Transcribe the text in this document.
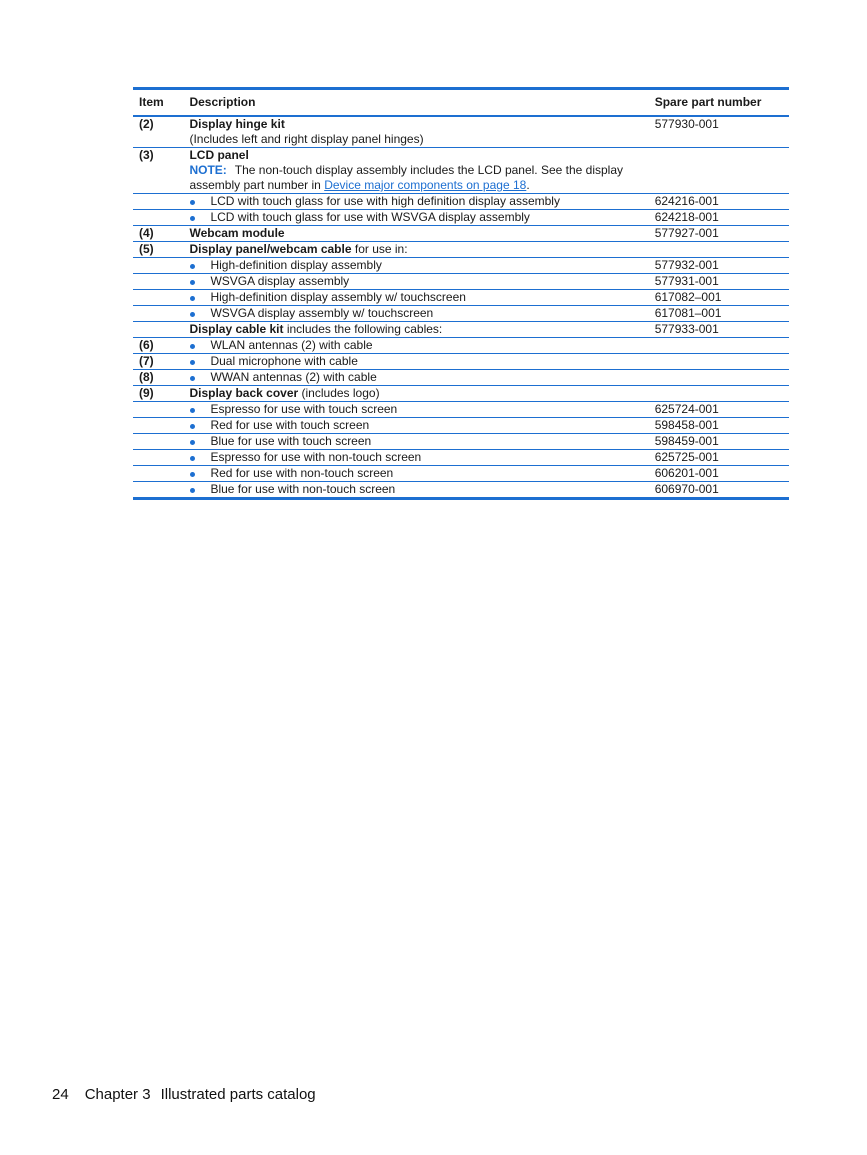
Item	Description	Spare part number
(2)	Display hinge kit	577930-001
	(Includes left and right display panel hinges)	
(3)	LCD panel	
	NOTE: The non-touch display assembly includes the LCD panel. See the display assembly part number in Device major components on page 18.	

	LCD with touch glass for use with high definition display assembly	624216-001

	LCD with touch glass for use with WSVGA display assembly	624218-001
(4)	Webcam module	577927-001
(5)	Display panel/webcam cable for use in:	

	High-definition display assembly	577932-001

	WSVGA display assembly	577931-001

	High-definition display assembly w/ touchscreen	617082–001

	WSVGA display assembly w/ touchscreen	617081–001
	Display cable kit includes the following cables:	577933-001
(6)	WLAN antennas (2) with cable	

(7)	Dual microphone with cable	

(8)	WWAN antennas (2) with cable	

(9)	Display back cover (includes logo)	

	Espresso for use with touch screen	625724-001

	Red for use with touch screen	598458-001

	Blue for use with touch screen	598459-001

	Espresso for use with non-touch screen	625725-001

	Red for use with non-touch screen	606201-001

	Blue for use with non-touch screen	606970-001
24 Chapter 3 Illustrated parts catalog
